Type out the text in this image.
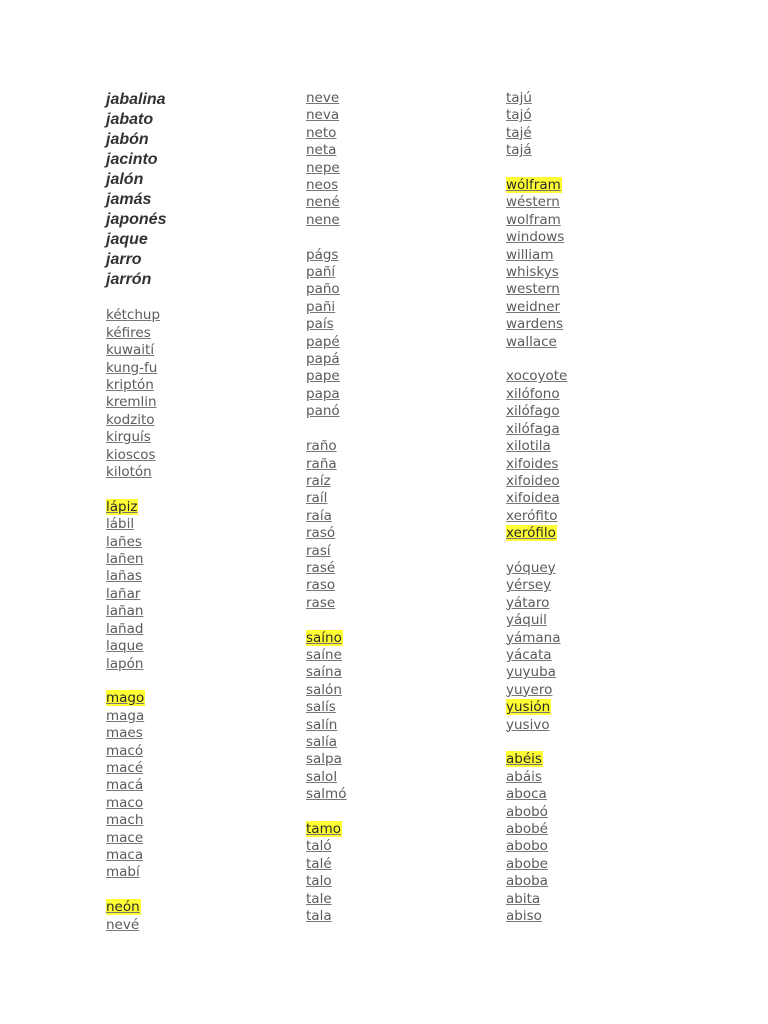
jabalina
jabato
jabón
jacinto
jalón
jamás
japonés
jaque
jarro
jarrón
kétchup
kéfires
kuwaití
kung-fu
kriptón
kremlin
kodzito
kirguís
kioscos
kilotón
lápiz
lábil
lañes
lañen
lañas
lañar
lañan
lañad
laque
lapón
mago
maga
maes
macó
macé
macá
maco
mach
mace
maca
mabí
neón
nevé
neve
neva
neto
neta
nepe
neos
nené
nene
págs
pañí
paño
pañi
país
papé
papá
pape
papa
panó
raño
raña
raíz
raíl
raía
rasó
rasí
rasé
raso
rase
saíno
saíne
saína
salón
salís
salín
salía
salpa
salol
salmó
tamo
taló
talé
talo
tale
tala
tajú
tajó
tajé
tajá
wólfram
wéstern
wolfram
windows
william
whiskys
western
weidner
wardens
wallace
xocoyote
xilófono
xilófago
xilófaga
xilotila
xifoides
xifoideo
xifoidea
xerófito
xerófilo
yóquey
yérsey
yátaro
yáquil
yámana
yácata
yuyuba
yuyero
yusión
yusivo
abéis
abáis
aboca
abobó
abobé
abobo
abobe
aboba
abita
abiso
